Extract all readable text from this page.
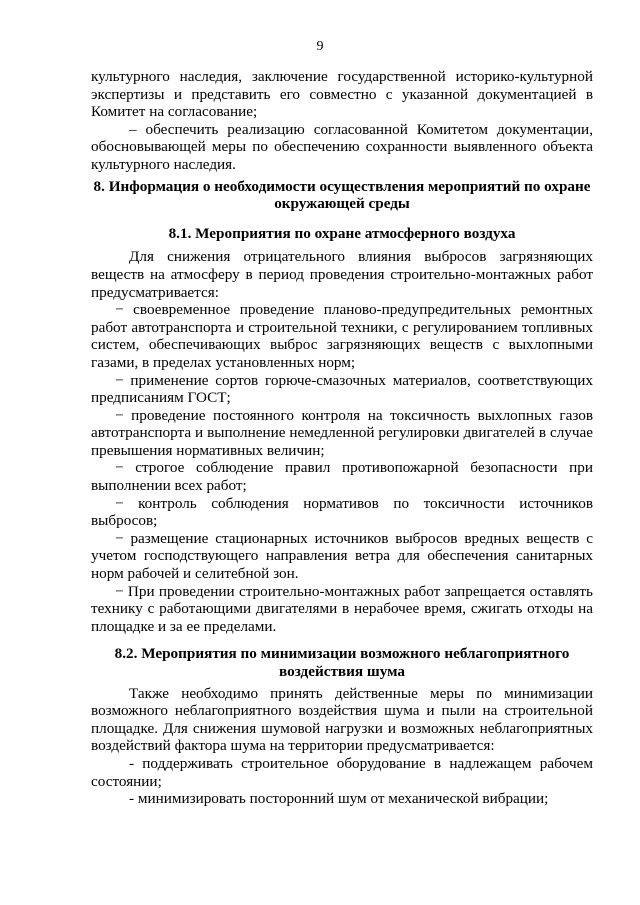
9

культурного наследия, заключение государственной историко-культурной экспертизы и представить его совместно с указанной документацией в Комитет на согласование;

– обеспечить реализацию согласованной Комитетом документации, обосновывающей меры по обеспечению сохранности выявленного объекта культурного наследия.

8. Информация о необходимости осуществления мероприятий по охране окружающей среды

8.1. Мероприятия по охране атмосферного воздуха

Для снижения отрицательного влияния выбросов загрязняющих веществ на атмосферу в период проведения строительно-монтажных работ предусматривается:

− своевременное проведение планово-предупредительных ремонтных работ автотранспорта и строительной техники, с регулированием топливных систем, обеспечивающих выброс загрязняющих веществ с выхлопными газами, в пределах установленных норм;

− применение сортов горюче-смазочных материалов, соответствующих предписаниям ГОСТ;

− проведение постоянного контроля на токсичность выхлопных газов автотранспорта и выполнение немедленной регулировки двигателей в случае превышения нормативных величин;

− строгое соблюдение правил противопожарной безопасности при выполнении всех работ;

− контроль соблюдения нормативов по токсичности источников выбросов;

− размещение стационарных источников выбросов вредных веществ с учетом господствующего направления ветра для обеспечения санитарных норм рабочей и селитебной зон.

− При проведении строительно-монтажных работ запрещается оставлять технику с работающими двигателями в нерабочее время, сжигать отходы на площадке и за ее пределами.

8.2. Мероприятия по минимизации возможного неблагоприятного воздействия шума

Также необходимо принять действенные меры по минимизации возможного неблагоприятного воздействия шума и пыли на строительной площадке. Для снижения шумовой нагрузки и возможных неблагоприятных воздействий фактора шума на территории предусматривается:

- поддерживать строительное оборудование в надлежащем рабочем состоянии;

- минимизировать посторонний шум от механической вибрации;
